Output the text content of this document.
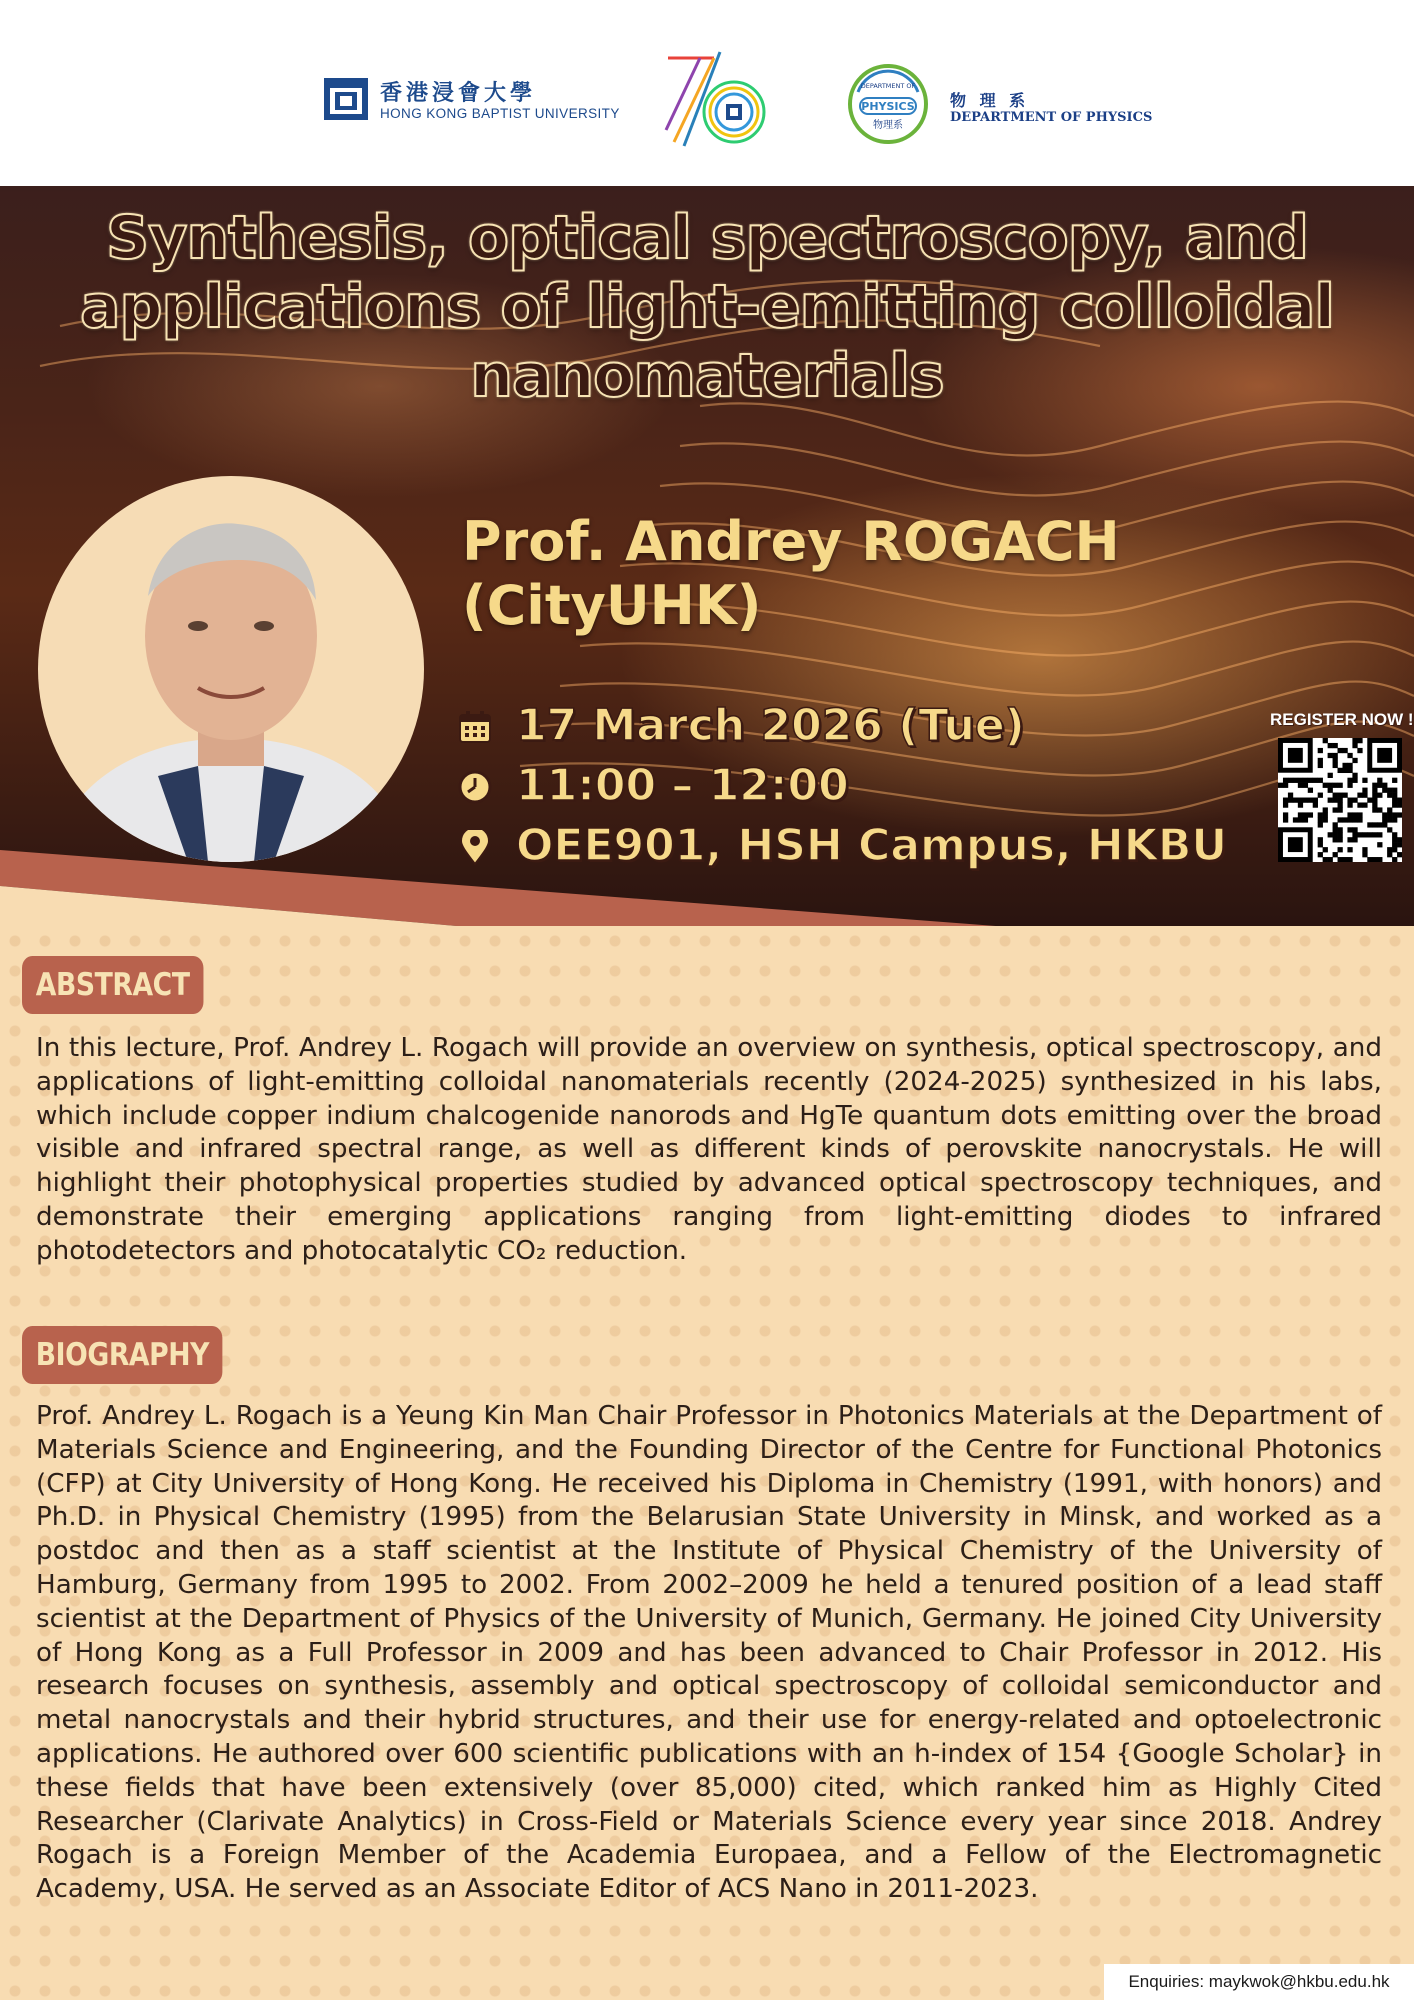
香港浸會大學
HONG KONG BAPTIST UNIVERSITY
DEPARTMENT OF
PHYSICS
物理系
物 理 系
DEPARTMENT OF PHYSICS
Synthesis, optical spectroscopy, and applications of light-emitting colloidal nanomaterials
Prof. Andrey ROGACH
(CityUHK)
17 March 2026 (Tue)
11:00 – 12:00
OEE901, HSH Campus, HKBU
REGISTER NOW !
ABSTRACT
In this lecture, Prof. Andrey L. Rogach will provide an overview on synthesis, optical spectroscopy, and applications of light-emitting colloidal nanomaterials recently (2024-2025) synthesized in his labs, which include copper indium chalcogenide nanorods and HgTe quantum dots emitting over the broad visible and infrared spectral range, as well as different kinds of perovskite nanocrystals. He will highlight their photophysical properties studied by advanced optical spectroscopy techniques, and demonstrate their emerging applications ranging from light-emitting diodes to infrared photodetectors and photocatalytic CO₂ reduction.
BIOGRAPHY
Prof. Andrey L. Rogach is a Yeung Kin Man Chair Professor in Photonics Materials at the Department of Materials Science and Engineering, and the Founding Director of the Centre for Functional Photonics (CFP) at City University of Hong Kong. He received his Diploma in Chemistry (1991, with honors) and Ph.D. in Physical Chemistry (1995) from the Belarusian State University in Minsk, and worked as a postdoc and then as a staff scientist at the Institute of Physical Chemistry of the University of Hamburg, Germany from 1995 to 2002. From 2002–2009 he held a tenured position of a lead staff scientist at the Department of Physics of the University of Munich, Germany. He joined City University of Hong Kong as a Full Professor in 2009 and has been advanced to Chair Professor in 2012. His research focuses on synthesis, assembly and optical spectroscopy of colloidal semiconductor and metal nanocrystals and their hybrid structures, and their use for energy-related and optoelectronic applications. He authored over 600 scientific publications with an h-index of 154 {Google Scholar} in these fields that have been extensively (over 85,000) cited, which ranked him as Highly Cited Researcher (Clarivate Analytics) in Cross-Field or Materials Science every year since 2018. Andrey Rogach is a Foreign Member of the Academia Europaea, and a Fellow of the Electromagnetic Academy, USA. He served as an Associate Editor of ACS Nano in 2011-2023.
Enquiries: maykwok@hkbu.edu.hk
